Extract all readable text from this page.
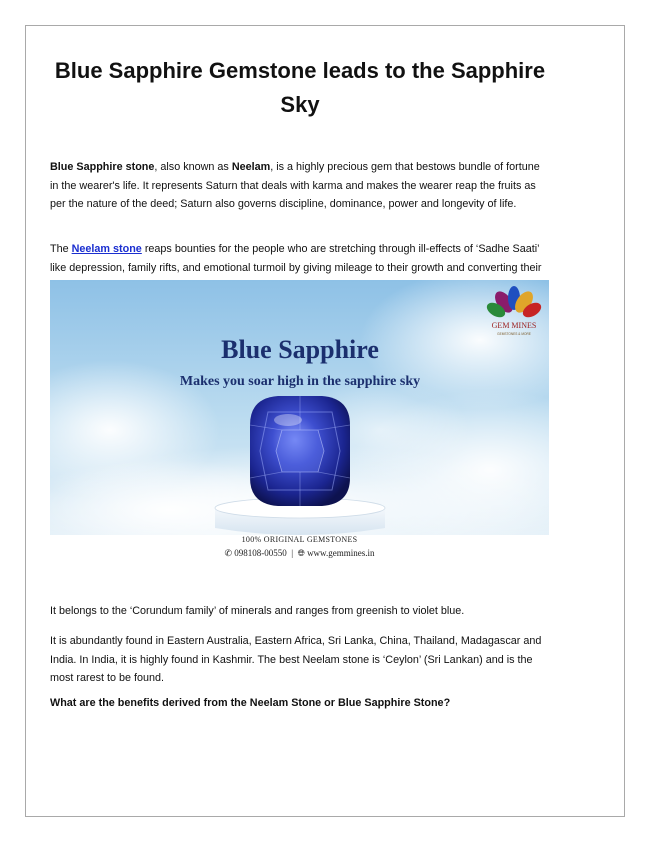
Blue Sapphire Gemstone leads to the Sapphire Sky

Blue Sapphire stone, also known as Neelam, is a highly precious gem that bestows bundle of fortune in the wearer's life. It represents Saturn that deals with karma and makes the wearer reap the fruits as per the nature of the deed; Saturn also governs discipline, dominance, power and longevity of life.

The Neelam stone reaps bounties for the people who are stretching through ill-effects of ‘Sadhe Saati’ like depression, family rifts, and emotional turmoil by giving mileage to their growth and converting their

GEM MINES
GEMSTONES & MORE
Blue Sapphire
Makes you soar high in the sapphire sky
100% ORIGINAL GEMSTONES
✆ 098108-00550 | 🌐︎ www.gemmines.in

It belongs to the ‘Corundum family’ of minerals and ranges from greenish to violet blue.

It is abundantly found in Eastern Australia, Eastern Africa, Sri Lanka, China, Thailand, Madagascar and India. In India, it is highly found in Kashmir. The best Neelam stone is ‘Ceylon’ (Sri Lankan) and is the most rarest to be found.

What are the benefits derived from the Neelam Stone or Blue Sapphire Stone?
